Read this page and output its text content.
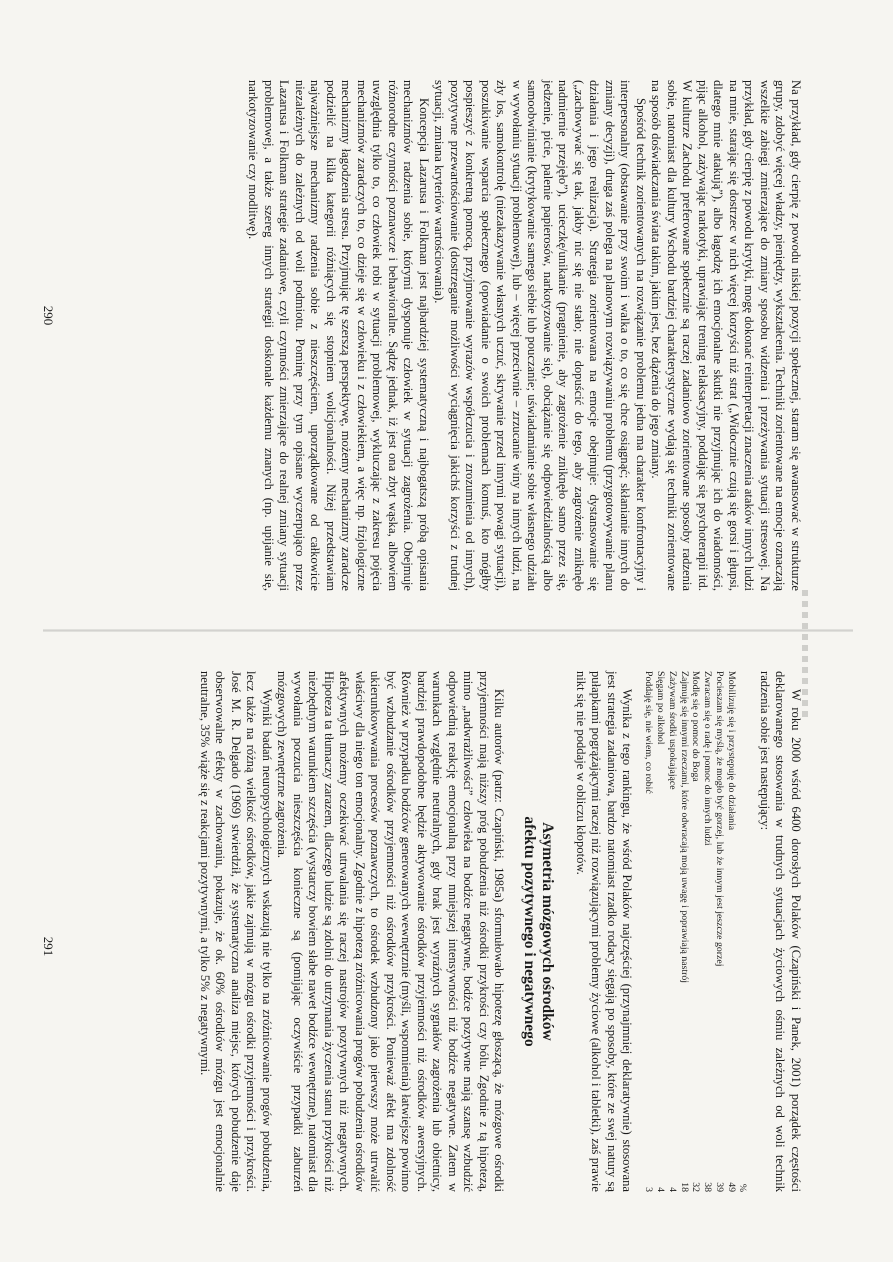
Na przykład, gdy cierpię z powodu niskiej pozycji społecznej, staram się awansować w strukturze grupy, zdobyć więcej władzy, pieniędzy, wykształcenia. Techniki zorientowane na emocje oznaczają wszelkie zabiegi zmierzające do zmiany sposobu widzenia i przeżywania sytuacji stresowej. Na przykład, gdy cierpię z powodu krytyki, mogę dokonać reinterpretacji znaczenia ataków innych ludzi na mnie, starając się dostrzec w nich więcej korzyści niż strat („Widocznie czują się gorsi i głupsi, dlatego mnie atakują”), albo łagodzę ich emocjonalne skutki nie przyjmując ich do wiadomości, pijąc alkohol, zażywając narkotyki, uprawiając trening relaksacyjny, poddając się psychoterapii itd. W kulturze Zachodu preferowane społecznie są raczej zadaniowo zorientowane sposoby radzenia sobie, natomiast dla kultury Wschodu bardziej charakterystyczne wydają się techniki zorientowane na sposób doświadczania świata takim, jakim jest, bez dążenia do jego zmiany.

Spośród technik zorientowanych na rozwiązanie problemu jedna ma charakter konfrontacyjny i interpersonalny (obstawanie przy swoim i walka o to, co się chce osiągnąć; skłanianie innych do zmiany decyzji), druga zaś polega na planowym rozwiązywaniu problemu (przygotowywanie planu działania i jego realizacja). Strategia zorientowana na emocje obejmuje: dystansowanie się („zachowywać się tak, jakby nic się nie stało; nie dopuścić do tego, aby zagrożenie zniknęło nadmiernie przejęło”), ucieczkę/unikanie (pragnienie, aby zagrożenie zniknęło samo przez się, jedzenie, picie, palenie papierosów, narkotyzowanie się), obciążanie się odpowiedzialnością albo samoobwinianie (krytykowanie samego siebie lub pouczanie; uświadamianie sobie własnego udziału w wywołaniu sytuacji problemowej), lub – więcej przeciwnie – zrzucanie winy na innych ludzi, na zły los, samokontrolę (niezakazywanie własnych uczuć, skrywanie przed innymi powagi sytuacji), poszukiwanie wsparcia społecznego (opowiadanie o swoich problemach komuś, kto mógłby pospieszyć z konkretną pomocą, przyjmowanie wyrazów współczucia i zrozumienia od innych), pozytywne przewartościowanie (dostrzeganie możliwości wyciągnięcia jakichś korzyści z trudnej sytuacji, zmiana kryteriów wartościowania).

Koncepcja Lazarusa i Folkman jest najbardziej systematyczną i najbogatszą próbą opisania mechanizmów radzenia sobie, którymi dysponuje człowiek w sytuacji zagrożenia. Obejmuje różnorodne czynności poznawcze i behawioralne. Sądzę jednak, iż jest ona zbyt wąska, albowiem uwzględnia tylko to, co człowiek robi w sytuacji problemowej, wykluczając z zakresu pojęcia mechanizmów zaradczych to, co dzieje się w człowieku i z człowiekiem, a więc np. fizjologiczne mechanizmy łagodzenia stresu. Przyjmując tę szerszą perspektywę, możemy mechanizmy zaradcze podzielić na kilka kategorii różniących się stopniem wolicjonalności. Niżej przedstawiam najważniejsze mechanizmy radzenia sobie z nieszczęściem, uporządkowane od całkowicie niezależnych do zależnych od woli podmiotu. Pominę przy tym opisane wyczerpująco przez Lazarusa i Folkman strategie zadaniowe, czyli czynności zmierzające do realnej zmiany sytuacji problemowej, a także szereg innych strategii doskonale każdemu znanych (np. upijanie się, narkotyzowanie czy modlitwę).

290

W roku 2000 wśród 6400 dorosłych Polaków (Czapiński i Panek, 2001) porządek częstości deklarowanego stosowania w trudnych sytuacjach życiowych ośmiu zależnych od woli technik radzenia sobie jest następujący:

%
Mobilizuję się i przystępuję do działania
49
Pocieszam się myślą, że mogło być gorzej, lub że innym jest jeszcze gorzej
39
Zwracam się o radę i pomoc do innych ludzi
38
Modlę się o pomoc do Boga
32
Zajmuję się innymi rzeczami, które odwracają moją uwagę i poprawiają nastrój
18
Zażywam środki uspokajające
4
Sięgam po alkohol
4
Poddaję się, nie wiem, co robić
3

Wynika z tego rankingu, że wśród Polaków najczęściej (przynajmniej deklaratywnie) stosowana jest strategia zadaniowa, bardzo natomiast rzadko rodacy sięgają po sposoby, które ze swej natury są pułapkami pogrążającymi raczej niż rozwiązującymi problemy życiowe (alkohol i tabletki), zaś prawie nikt się nie poddaje w obliczu kłopotów.

Asymetria mózgowych ośrodków
afektu pozytywnego i negatywnego

Kilku autorów (patrz: Czapiński, 1985a) sformułowało hipotezę głoszącą, że mózgowe ośrodki przyjemności mają niższy próg pobudzenia niż ośrodki przykrości czy bólu. Zgodnie z tą hipotezą, mimo „nadwrażliwości” człowieka na bodźce negatywne, bodźce pozytywne mają szansę wzbudzić odpowiednią reakcję emocjonalną przy mniejszej intensywności niż bodźce negatywne. Zatem w warunkach względnie neutralnych, gdy brak jest wyraźnych sygnałów zagrożenia lub obietnicy, bardziej prawdopodobne będzie aktywowanie ośrodków przyjemności niż ośrodków awersyjnych. Również w przypadku bodźców generowanych wewnętrznie (myśli, wspomnienia) łatwiejsze powinno być wzbudzanie ośrodków przyjemności niż ośrodków przykrości. Ponieważ afekt ma zdolność ukierunkowywania procesów poznawczych, to ośrodek wzbudzony jako pierwszy może utrwalić właściwy dla niego ton emocjonalny. Zgodnie z hipotezą zróżnicowania progów pobudzenia ośrodków afektywnych możemy oczekiwać utrwalania się raczej nastrojów pozytywnych niż negatywnych. Hipoteza ta tłumaczy zarazem, dlaczego ludzie są zdolni do utrzymania życzenia stanu przykrości niż niezbędnym warunkiem szczęścia (wystarczy bowiem słabe nawet bodźce wewnętrzne), natomiast dla wywołania poczucia nieszczęścia konieczne są (pomijając oczywiście przypadki zaburzeń mózgowych) zewnętrzne zagrożenia.

Wyniki badań neuropsychologicznych wskazują nie tylko na zróżnicowanie progów pobudzenia, lecz także na różną wielkość ośrodków, jakie zajmują w mózgu ośrodki przyjemności i przykrości. José M. R. Delgado (1969) stwierdził, że systematyczna analiza miejsc, których pobudzenie daje obserwowalne efekty w zachowaniu, pokazuje, że ok. 60% ośrodków mózgu jest emocjonalnie neutralne, 35% wiąże się z reakcjami pozytywnymi, a tylko 5% z negatywnymi.

291
